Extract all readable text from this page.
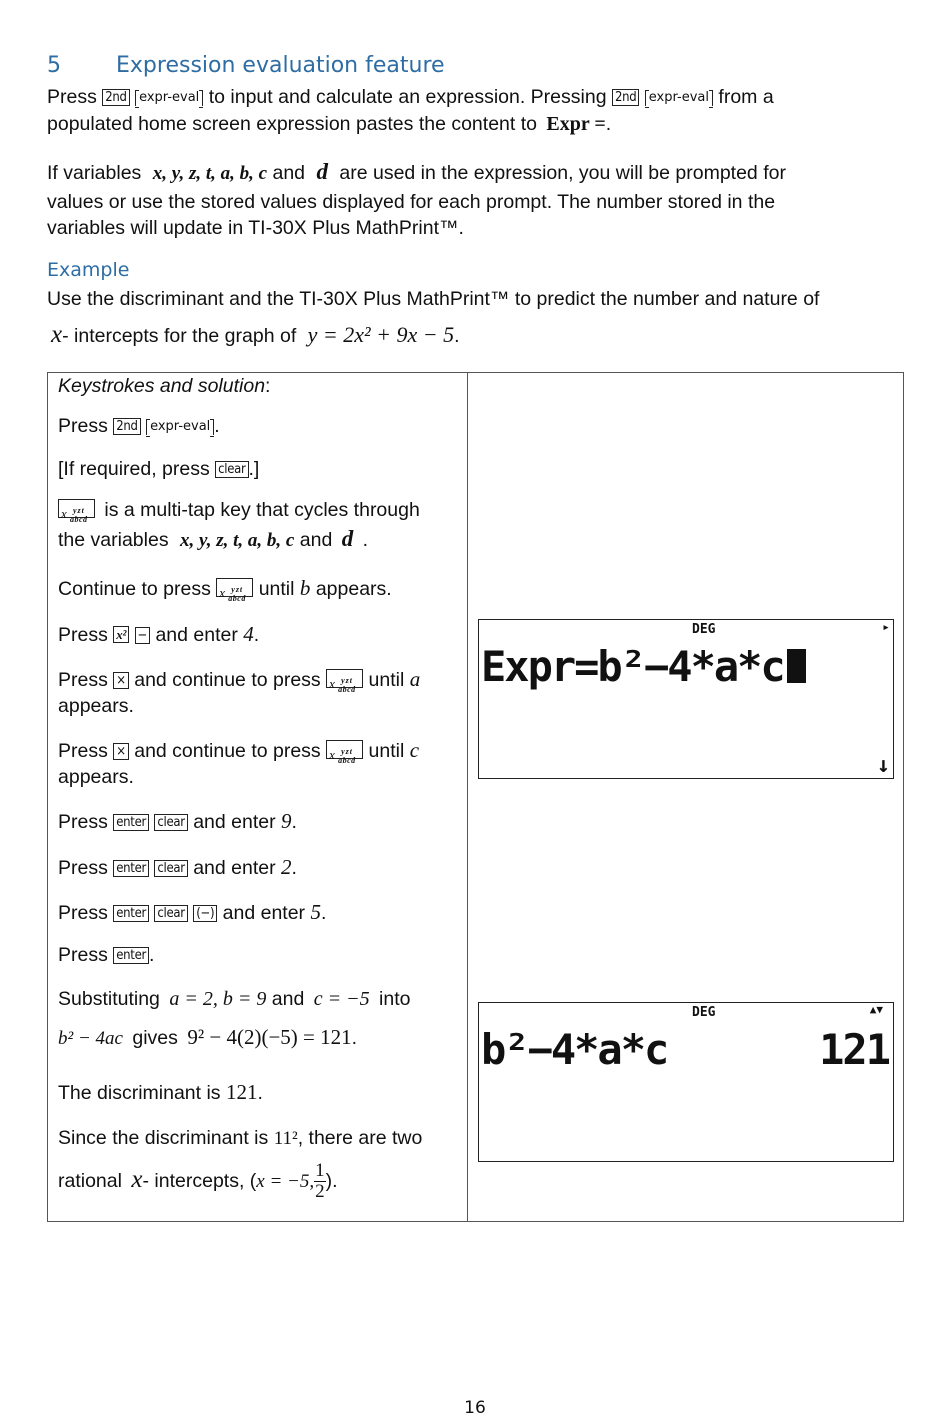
5	Expression evaluation feature
Press 2nd expr-eval to input and calculate an expression. Pressing 2nd expr-eval from a
populated home screen expression pastes the content to Expr =.
If variables x, y, z, t, a, b, c and d are used in the expression, you will be prompted for
values or use the stored values displayed for each prompt. The number stored in the
variables will update in TI-30X Plus MathPrint™.
Example
Use the discriminant and the TI-30X Plus MathPrint™ to predict the number and nature of
x- intercepts for the graph of y = 2x² + 9x − 5.
Keystrokes and solution:
Press 2nd expr-eval .
[If required, press clear .]
x yzt
abcd is a multi-tap key that cycles through
the variables x, y, z, t, a, b, c and d .
Continue to press x yzt
abcd until b appears.
Press x² − and enter 4.
Press × and continue to press x yzt
abcd until a
appears.
Press × and continue to press x yzt
abcd until c
appears.
Press enter clear and enter 9.
Press enter clear and enter 2.
Press enter clear (−) and enter 5.
Press enter .
Substituting a = 2, b = 9 and c = −5 into
b² − 4ac gives 9² − 4(2)(−5) = 121.
The discriminant is 121.
Since the discriminant is 11², there are two
rational x- intercepts, (x = −5, $\frac{1}{2}$ ).
DEG	▸
Expr=b²−4*a*c
↓
DEG	▲▼
b²−4*a*c	121
16
